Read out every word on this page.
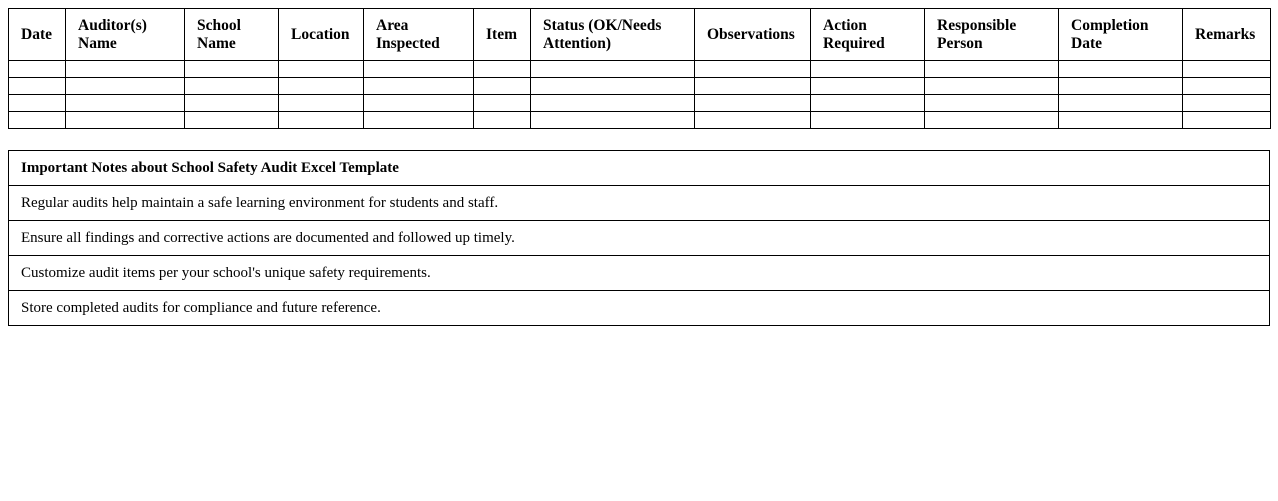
Date	Auditor(s) Name	School Name	Location	Area Inspected	Item	Status (OK/Needs Attention)	Observations	Action Required	Responsible Person	Completion Date	Remarks

Important Notes about School Safety Audit Excel Template
Regular audits help maintain a safe learning environment for students and staff.
Ensure all findings and corrective actions are documented and followed up timely.
Customize audit items per your school's unique safety requirements.
Store completed audits for compliance and future reference.
